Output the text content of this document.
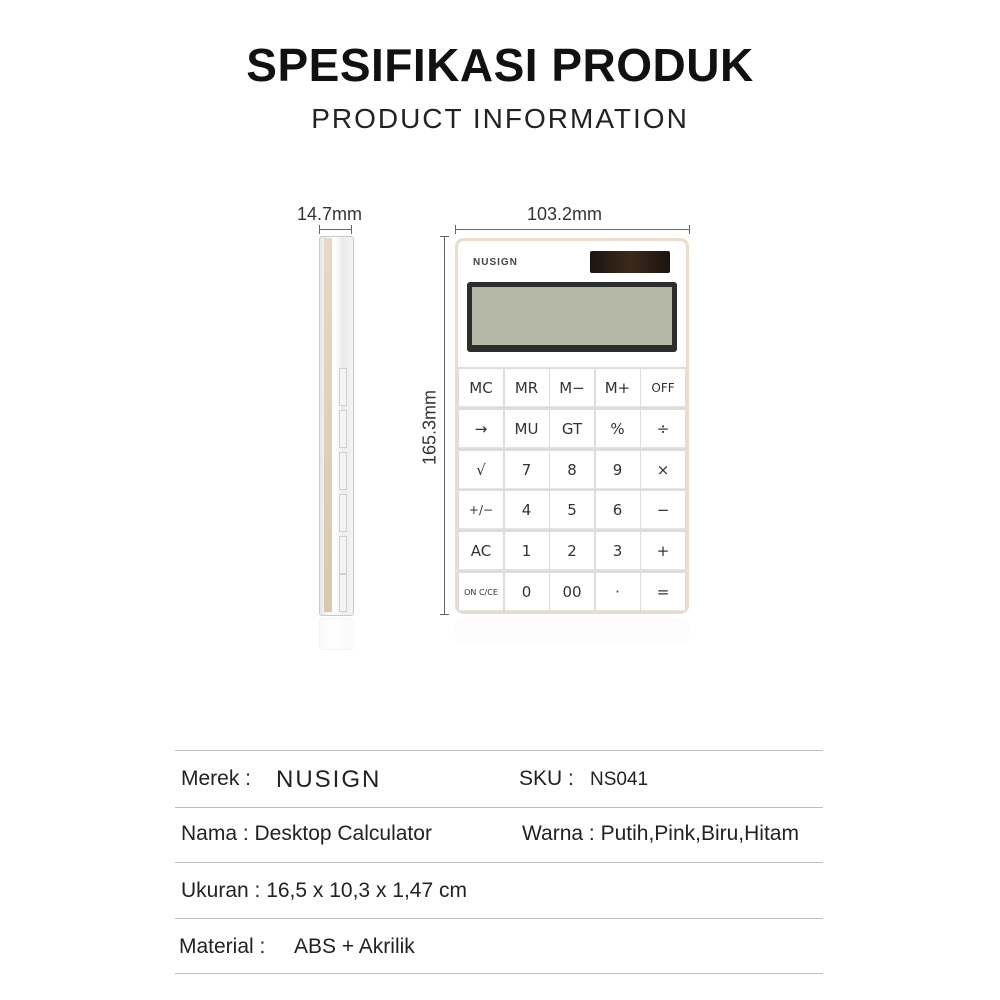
SPESIFIKASI PRODUK
PRODUCT INFORMATION
14.7mm	103.2mm
165.3mm
NUSIGN
MC	MR	M−	M+	OFF
→	MU	GT	%	÷
√	7	8	9	×
+/−	4	5	6	−
AC	1	2	3	+
ON C/CE	0	00	·	=
Merek : NUSIGN	SKU : NS041
Nama : Desktop Calculator	Warna : Putih,Pink,Biru,Hitam
Ukuran : 16,5 x 10,3 x 1,47 cm
Material : ABS + Akrilik
